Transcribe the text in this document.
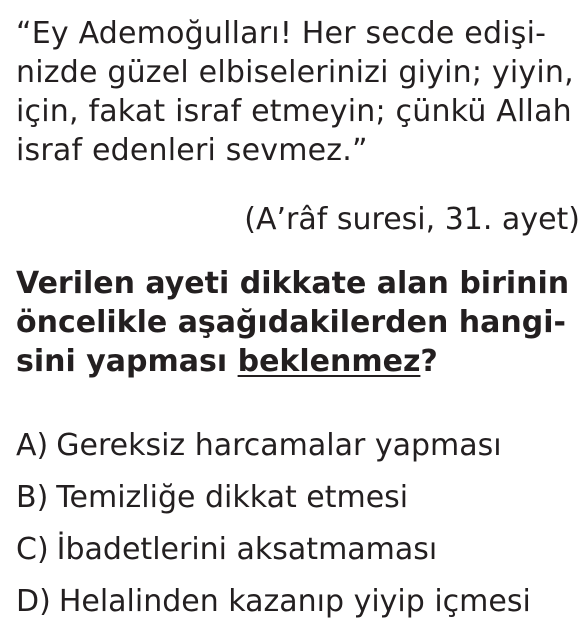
“Ey Ademoğulları! Her secde edişi-
nizde güzel elbiselerinizi giyin; yiyin,
için, fakat israf etmeyin; çünkü Allah
israf edenleri sevmez.”
(A’râf suresi, 31. ayet)
Verilen ayeti dikkate alan birinin
öncelikle aşağıdakilerden hangi-
sini yapması beklenmez?
A) Gereksiz harcamalar yapması
B) Temizliğe dikkat etmesi
C) İbadetlerini aksatmaması
D) Helalinden kazanıp yiyip içmesi
